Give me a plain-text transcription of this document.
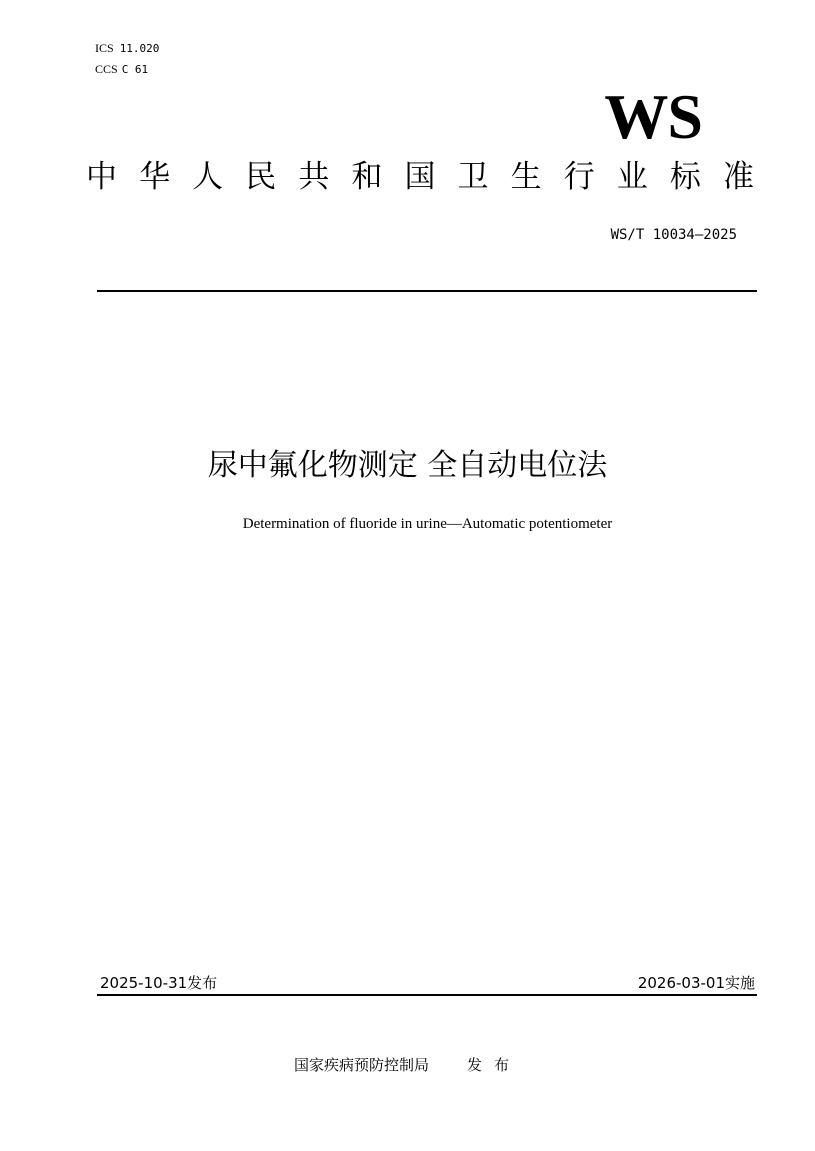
ICS 11.020
CCS C 61
WS
中 华 人 民 共 和 国 卫 生 行 业 标 准
WS/T 10034—2025
尿中氟化物测定 全自动电位法
Determination of fluoride in urine—Automatic potentiometer
2025-10-31发布	2026-03-01实施
国家疾病预防控制局	发布
